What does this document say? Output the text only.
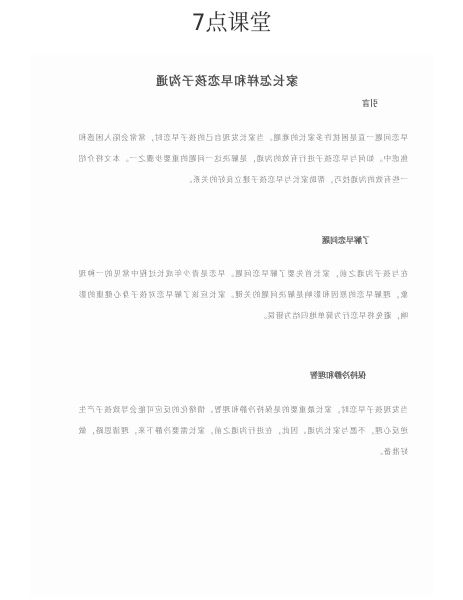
7点课堂
家长怎样和早恋孩子沟通
引言
早恋问题一直是困扰许多家长的难题。当家长发现自己的孩子早恋时，常常会陷入困惑和焦虑中。如何与早恋孩子进行有效的沟通，是解决这一问题的重要步骤之一。本文将介绍一些有效的沟通技巧，帮助家长与早恋孩子建立良好的关系。
了解早恋问题
在与孩子沟通之前，家长首先要了解早恋问题。早恋是青少年成长过程中常见的一种现象，理解早恋的原因和影响是解决问题的关键。家长应该了解早恋对孩子身心健康的影响，避免将早恋行为简单地归结为错误。
保持冷静和理智
当发现孩子早恋时，家长最重要的是保持冷静和理智。情绪化的反应可能会导致孩子产生逆反心理，不愿与家长沟通。因此，在进行沟通之前，家长需要冷静下来，理清思路，做好准备。
